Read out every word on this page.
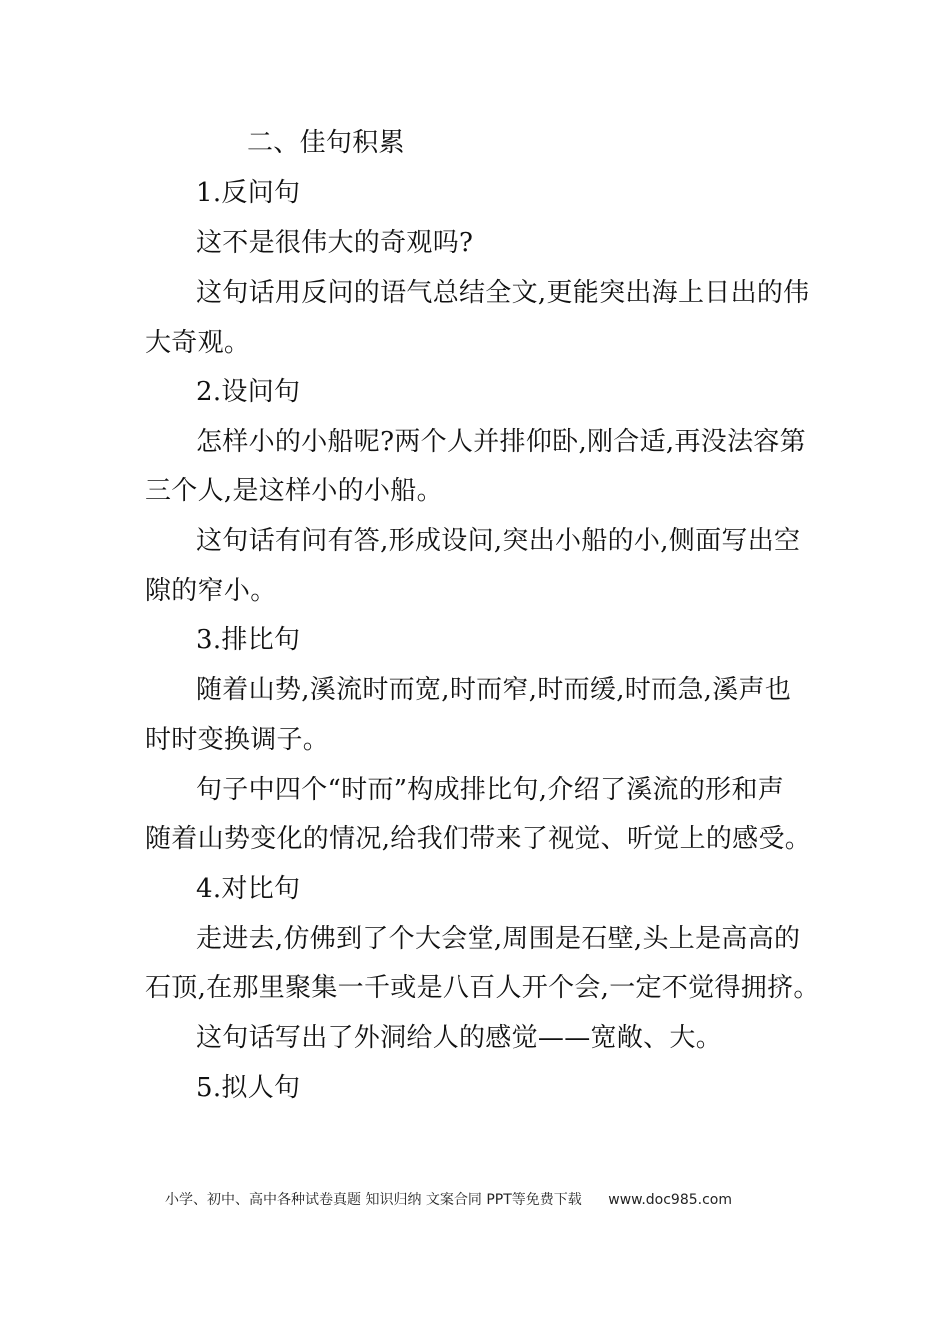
二、佳句积累
1.反问句
这不是很伟大的奇观吗?
这句话用反问的语气总结全文,更能突出海上日出的伟
大奇观。
2.设问句
怎样小的小船呢?两个人并排仰卧,刚合适,再没法容第
三个人,是这样小的小船。
这句话有问有答,形成设问,突出小船的小,侧面写出空
隙的窄小。
3.排比句
随着山势,溪流时而宽,时而窄,时而缓,时而急,溪声也
时时变换调子。
句子中四个“时而”构成排比句,介绍了溪流的形和声
随着山势变化的情况,给我们带来了视觉、听觉上的感受。
4.对比句
走进去,仿佛到了个大会堂,周围是石壁,头上是高高的
石顶,在那里聚集一千或是八百人开个会,一定不觉得拥挤。
这句话写出了外洞给人的感觉——宽敞、大。
5.拟人句
小学、初中、高中各种试卷真题 知识归纳 文案合同 PPT等免费下载 www.doc985.com
